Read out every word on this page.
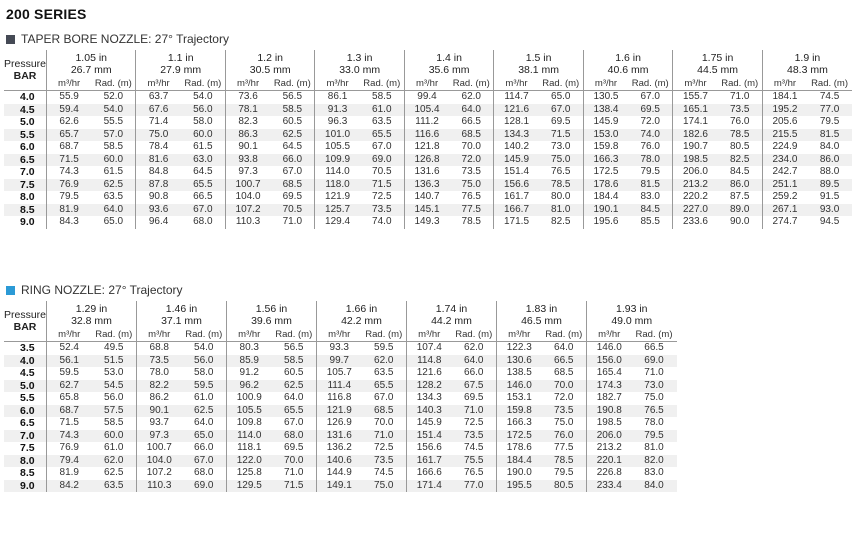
200 SERIES
TAPER BORE NOZZLE: 27° Trajectory
Pressure
BAR	1.05 in		1.1 in		1.2 in		1.3 in		1.4 in		1.5 in		1.6 in		1.75 in		1.9 in	
	26.7 mm		27.9 mm		30.5 mm		33.0 mm		35.6 mm		38.1 mm		40.6 mm		44.5 mm		48.3 mm	
	m³/hr	Rad. (m)	m³/hr	Rad. (m)	m³/hr	Rad. (m)	m³/hr	Rad. (m)	m³/hr	Rad. (m)	m³/hr	Rad. (m)	m³/hr	Rad. (m)	m³/hr	Rad. (m)	m³/hr	Rad. (m)
4.0	55.9	52.0	63.7	54.0	73.6	56.5	86.1	58.5	99.4	62.0	114.7	65.0	130.5	67.0	155.7	71.0	184.1	74.5
4.5	59.4	54.0	67.6	56.0	78.1	58.5	91.3	61.0	105.4	64.0	121.6	67.0	138.4	69.5	165.1	73.5	195.2	77.0
5.0	62.6	55.5	71.4	58.0	82.3	60.5	96.3	63.5	111.2	66.5	128.1	69.5	145.9	72.0	174.1	76.0	205.6	79.5
5.5	65.7	57.0	75.0	60.0	86.3	62.5	101.0	65.5	116.6	68.5	134.3	71.5	153.0	74.0	182.6	78.5	215.5	81.5
6.0	68.7	58.5	78.4	61.5	90.1	64.5	105.5	67.0	121.8	70.0	140.2	73.0	159.8	76.0	190.7	80.5	224.9	84.0
6.5	71.5	60.0	81.6	63.0	93.8	66.0	109.9	69.0	126.8	72.0	145.9	75.0	166.3	78.0	198.5	82.5	234.0	86.0
7.0	74.3	61.5	84.8	64.5	97.3	67.0	114.0	70.5	131.6	73.5	151.4	76.5	172.5	79.5	206.0	84.5	242.7	88.0
7.5	76.9	62.5	87.8	65.5	100.7	68.5	118.0	71.5	136.3	75.0	156.6	78.5	178.6	81.5	213.2	86.0	251.1	89.5
8.0	79.5	63.5	90.8	66.5	104.0	69.5	121.9	72.5	140.7	76.5	161.7	80.0	184.4	83.0	220.2	87.5	259.2	91.5
8.5	81.9	64.0	93.6	67.0	107.2	70.5	125.7	73.5	145.1	77.5	166.7	81.0	190.1	84.5	227.0	89.0	267.1	93.0
9.0	84.3	65.0	96.4	68.0	110.3	71.0	129.4	74.0	149.3	78.5	171.5	82.5	195.6	85.5	233.6	90.0	274.7	94.5
RING NOZZLE: 27° Trajectory
Pressure
BAR	1.29 in		1.46 in		1.56 in		1.66 in		1.74 in		1.83 in		1.93 in	
	32.8 mm		37.1 mm		39.6 mm		42.2 mm		44.2 mm		46.5 mm		49.0 mm	
	m³/hr	Rad. (m)	m³/hr	Rad. (m)	m³/hr	Rad. (m)	m³/hr	Rad. (m)	m³/hr	Rad. (m)	m³/hr	Rad. (m)	m³/hr	Rad. (m)
3.5	52.4	49.5	68.8	54.0	80.3	56.5	93.3	59.5	107.4	62.0	122.3	64.0	146.0	66.5
4.0	56.1	51.5	73.5	56.0	85.9	58.5	99.7	62.0	114.8	64.0	130.6	66.5	156.0	69.0
4.5	59.5	53.0	78.0	58.0	91.2	60.5	105.7	63.5	121.6	66.0	138.5	68.5	165.4	71.0
5.0	62.7	54.5	82.2	59.5	96.2	62.5	111.4	65.5	128.2	67.5	146.0	70.0	174.3	73.0
5.5	65.8	56.0	86.2	61.0	100.9	64.0	116.8	67.0	134.3	69.5	153.1	72.0	182.7	75.0
6.0	68.7	57.5	90.1	62.5	105.5	65.5	121.9	68.5	140.3	71.0	159.8	73.5	190.8	76.5
6.5	71.5	58.5	93.7	64.0	109.8	67.0	126.9	70.0	145.9	72.5	166.3	75.0	198.5	78.0
7.0	74.3	60.0	97.3	65.0	114.0	68.0	131.6	71.0	151.4	73.5	172.5	76.0	206.0	79.5
7.5	76.9	61.0	100.7	66.0	118.1	69.5	136.2	72.5	156.6	74.5	178.6	77.5	213.2	81.0
8.0	79.4	62.0	104.0	67.0	122.0	70.0	140.6	73.5	161.7	75.5	184.4	78.5	220.1	82.0
8.5	81.9	62.5	107.2	68.0	125.8	71.0	144.9	74.5	166.6	76.5	190.0	79.5	226.8	83.0
9.0	84.2	63.5	110.3	69.0	129.5	71.5	149.1	75.0	171.4	77.0	195.5	80.5	233.4	84.0
